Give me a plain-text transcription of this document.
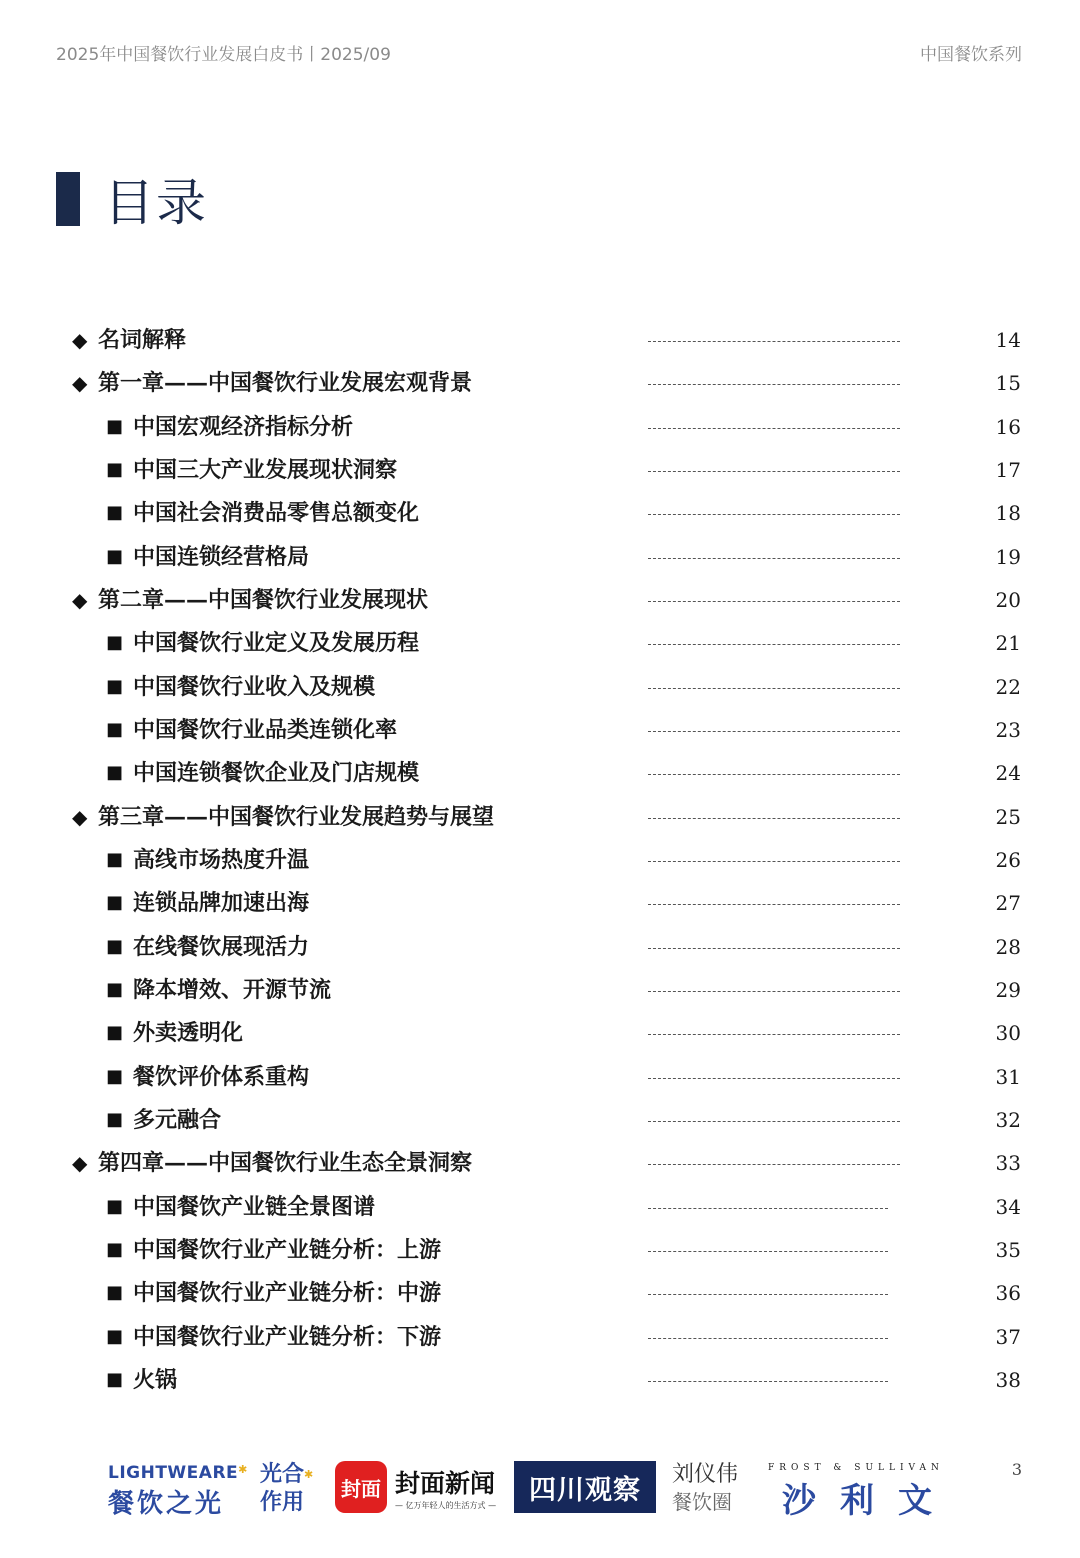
2025年中国餐饮行业发展白皮书丨2025/09	中国餐饮系列
目录
◆ 名词解释	14
◆ 第一章——中国餐饮行业发展宏观背景	15
■ 中国宏观经济指标分析	16
■ 中国三大产业发展现状洞察	17
■ 中国社会消费品零售总额变化	18
■ 中国连锁经营格局	19
◆ 第二章——中国餐饮行业发展现状	20
■ 中国餐饮行业定义及发展历程	21
■ 中国餐饮行业收入及规模	22
■ 中国餐饮行业品类连锁化率	23
■ 中国连锁餐饮企业及门店规模	24
◆ 第三章——中国餐饮行业发展趋势与展望	25
■ 高线市场热度升温	26
■ 连锁品牌加速出海	27
■ 在线餐饮展现活力	28
■ 降本增效、开源节流	29
■ 外卖透明化	30
■ 餐饮评价体系重构	31
■ 多元融合	32
◆ 第四章——中国餐饮行业生态全景洞察	33
■ 中国餐饮产业链全景图谱	34
■ 中国餐饮行业产业链分析：上游	35
■ 中国餐饮行业产业链分析：中游	36
■ 中国餐饮行业产业链分析：下游	37
■ 火锅	38
LIGHTWEARE✱
餐饮之光
光合✱
作用
封面 封面新闻
— 亿万年轻人的生活方式 —	四川观察	刘仪伟
餐饮圈
FROST & SULLIVAN
沙利文
3
